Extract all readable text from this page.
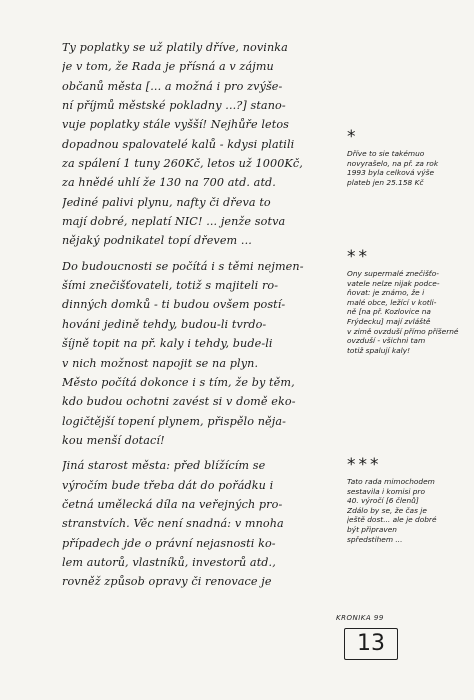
Ty poplatky se už platily dříve, novinka
je v tom, že Rada je přísná a v zájmu
občanů města [... a možná i pro zvýše-
ní příjmů městské pokladny ...?] stano-
vuje poplatky stále vyšší! Nejhůře letos
dopadnou spalovatelé kalů - kdysi platili
za spálení 1 tuny 260Kč, letos už 1000Kč,
za hnědé uhlí že 130 na 700 atd. atd.
Jediné palivi plynu, nafty či dřeva to
mají dobré, neplatí NIC! ... jenže sotva
nějaký podnikatel topí dřevem ...
Do budoucnosti se počítá i s těmi nejmen-
šími znečišťovateli, totiž s majiteli ro-
dinných domků - ti budou ovšem postí-
hováni jedině tehdy, budou-li tvrdo-
šíjně topit na př. kaly i tehdy, bude-li
v nich možnost napojit se na plyn.
Město počítá dokonce i s tím, že by těm,
kdo budou ochotni zavést si v domě eko-
logičtější topení plynem, přispělo něja-
kou menší dotací!
Jiná starost města: před blížícím se
výročím bude třeba dát do pořádku i
četná umělecká díla na veřejných pro-
stranstvích. Věc není snadná: v mnoha
případech jde o právní nejasnosti ko-
lem autorů, vlastníků, investorů atd.,
rovněž způsob opravy či renovace je
*
Dříve to sie takémuo
novyrašelo, na př. za rok
1993 byla celková výše
plateb jen 25.158 Kč
**
Ony supermalé znečišťo-
vatele nelze nijak podce-
ňovat: je známo, že i
malé obce, ležící v kotli-
ně [na př. Kozlovice na
Frýdecku] mají zvláště
v zimě ovzduší přímo příšerné
ovzduší - všichni tam
totiž spalují kaly!
***
Tato rada mimochodem
sestavila i komisi pro
40. výročí [6 členů]
Zdálo by se, že čas je
ještě dost... ale je dobré
být připraven
spředstihem ...
KRONIKA 99
13
